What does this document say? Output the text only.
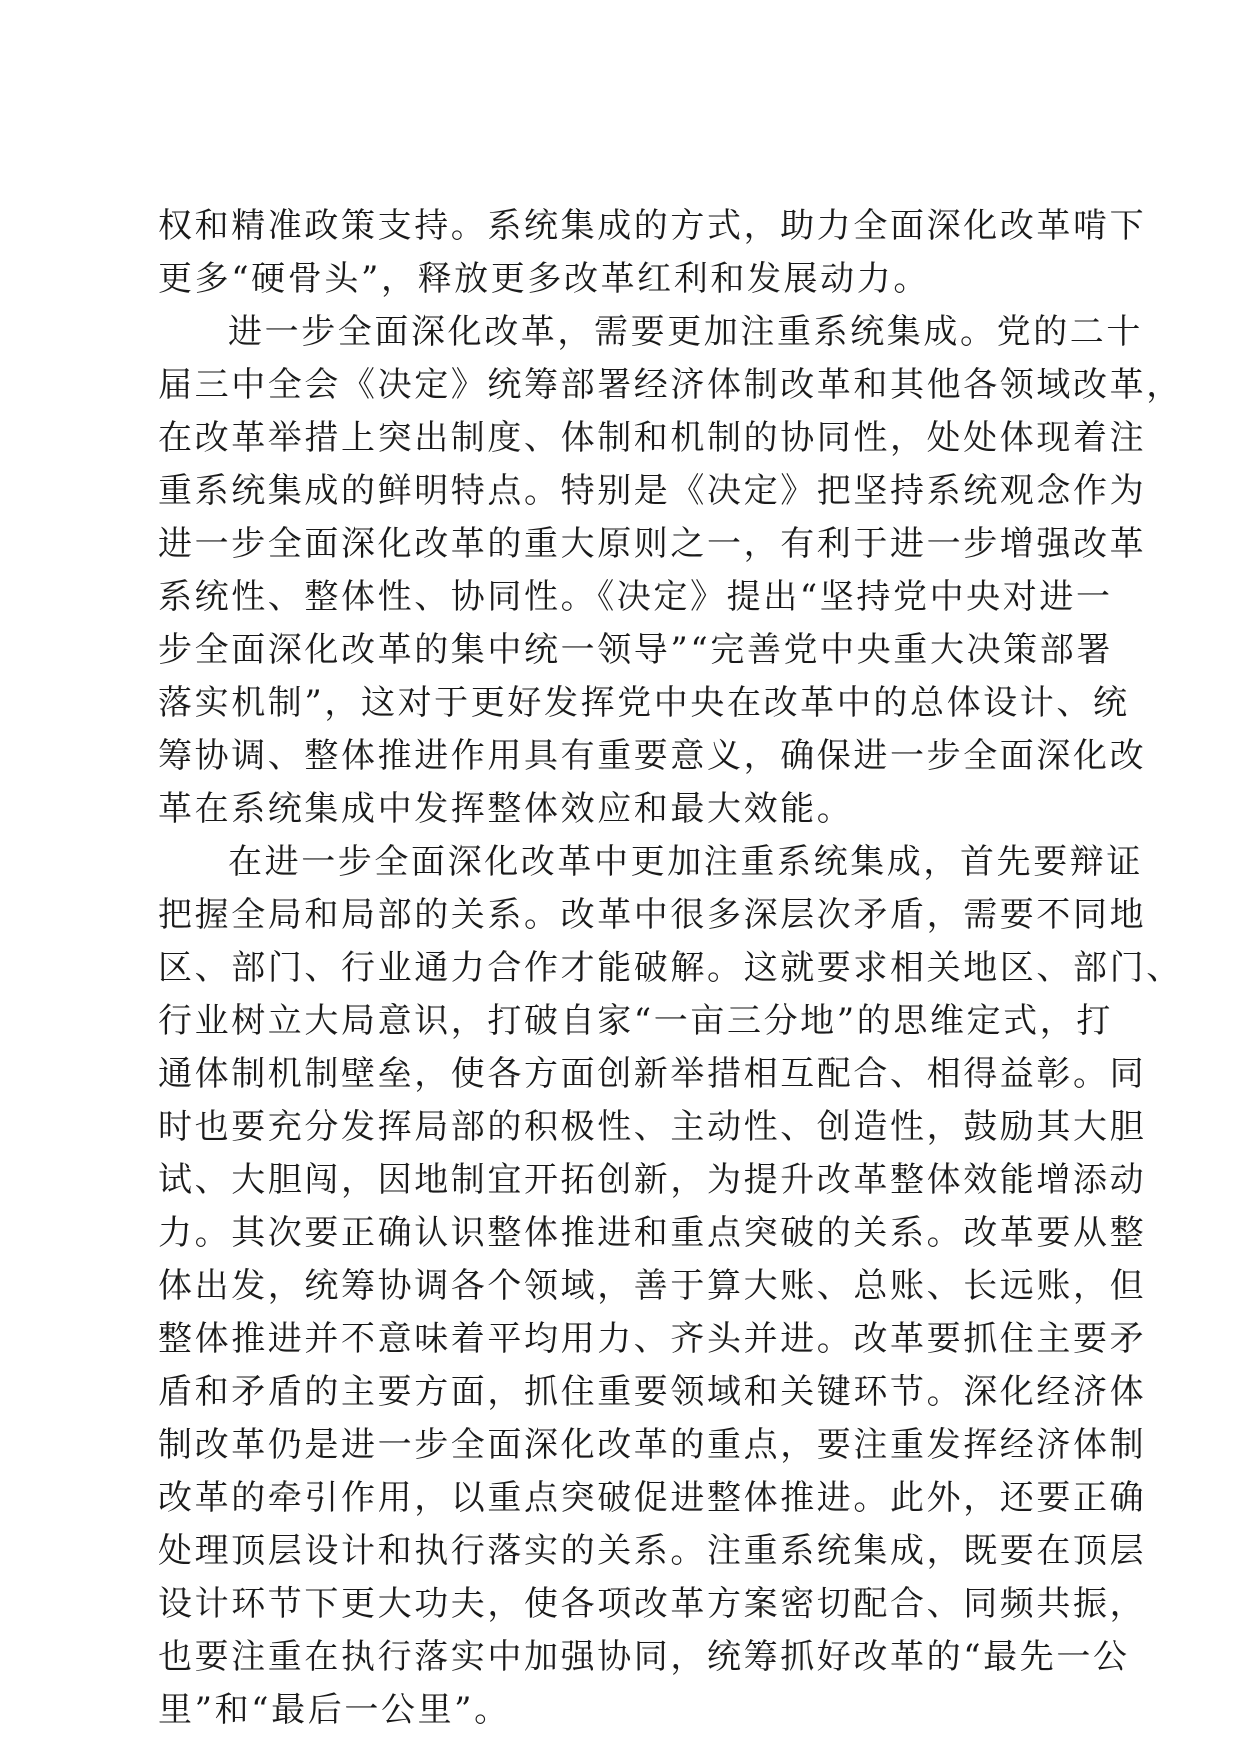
权和精准政策支持。系统集成的方式，助力全面深化改革啃下
更多“硬骨头”，释放更多改革红利和发展动力。
进一步全面深化改革，需要更加注重系统集成。党的二十
届三中全会《决定》统筹部署经济体制改革和其他各领域改革，
在改革举措上突出制度、体制和机制的协同性，处处体现着注
重系统集成的鲜明特点。特别是《决定》把坚持系统观念作为
进一步全面深化改革的重大原则之一，有利于进一步增强改革
系统性、整体性、协同性。《决定》提出“坚持党中央对进一
步全面深化改革的集中统一领导”“完善党中央重大决策部署
落实机制”，这对于更好发挥党中央在改革中的总体设计、统
筹协调、整体推进作用具有重要意义，确保进一步全面深化改
革在系统集成中发挥整体效应和最大效能。
在进一步全面深化改革中更加注重系统集成，首先要辩证
把握全局和局部的关系。改革中很多深层次矛盾，需要不同地
区、部门、行业通力合作才能破解。这就要求相关地区、部门、
行业树立大局意识，打破自家“一亩三分地”的思维定式，打
通体制机制壁垒，使各方面创新举措相互配合、相得益彰。同
时也要充分发挥局部的积极性、主动性、创造性，鼓励其大胆
试、大胆闯，因地制宜开拓创新，为提升改革整体效能增添动
力。其次要正确认识整体推进和重点突破的关系。改革要从整
体出发，统筹协调各个领域，善于算大账、总账、长远账，但
整体推进并不意味着平均用力、齐头并进。改革要抓住主要矛
盾和矛盾的主要方面，抓住重要领域和关键环节。深化经济体
制改革仍是进一步全面深化改革的重点，要注重发挥经济体制
改革的牵引作用，以重点突破促进整体推进。此外，还要正确
处理顶层设计和执行落实的关系。注重系统集成，既要在顶层
设计环节下更大功夫，使各项改革方案密切配合、同频共振，
也要注重在执行落实中加强协同，统筹抓好改革的“最先一公
里”和“最后一公里”。
